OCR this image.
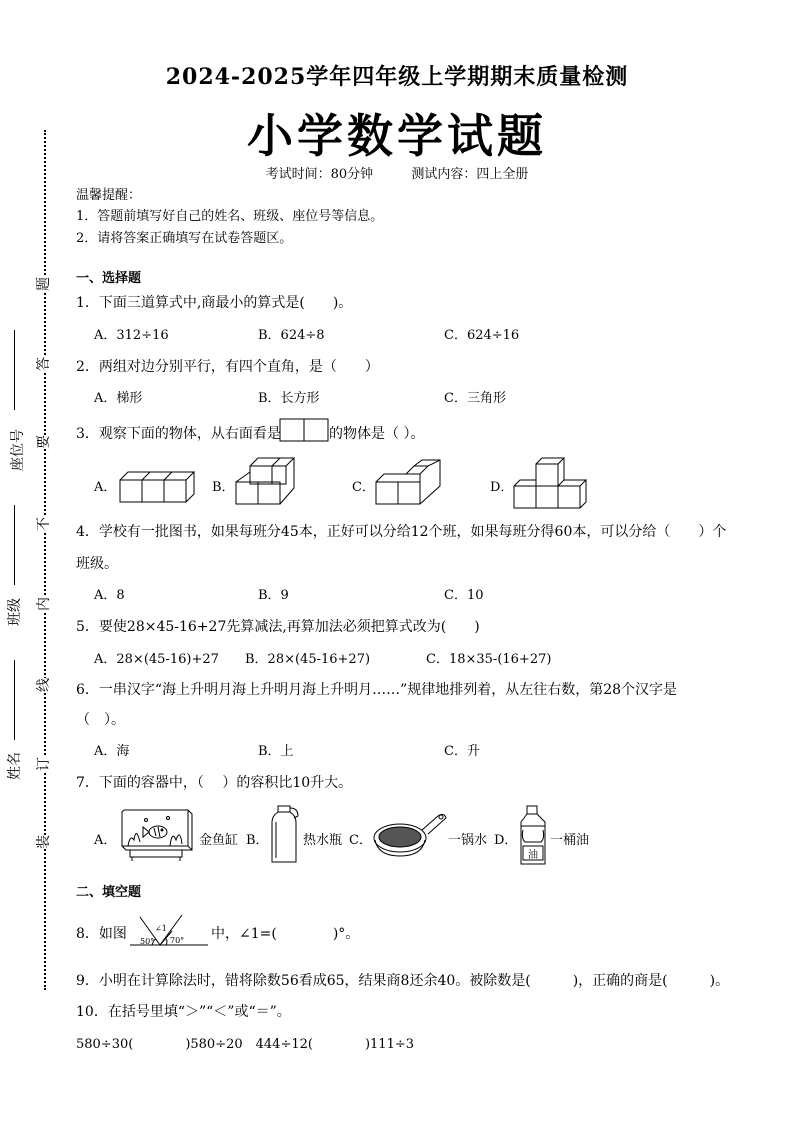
题
答
要
不
内
线
订
装
座位号
班级
姓名
2024-2025学年四年级上学期期末质量检测
小学数学试题
考试时间：80分钟	测试内容：四上全册
温馨提醒：
1．答题前填写好自己的姓名、班级、座位号等信息。
2．请将答案正确填写在试卷答题区。
一、选择题
1．下面三道算式中,商最小的算式是(　　)。
A．312÷16	B．624÷8	C．624÷16
2．两组对边分别平行，有四个直角，是（　　）
A．梯形	B．长方形	C．三角形
3．观察下面的物体，从右面看是	的物体是（ ）。
A．	B．	C．	D．
4．学校有一批图书，如果每班分45本，正好可以分给12个班，如果每班分得60本，可以分给（　　）个
班级。
A．8	B．9	C．10
5．要使28×45-16+27先算减法,再算加法必须把算式改为(　　)
A．28×(45-16)+27 B．28×(45-16+27)	C．18×35-(16+27)
6．一串汉字“海上升明月海上升明月海上升明月……”规律地排列着，从左往右数，第28个汉字是
（　）。
A．海	B．上	C．升
7．下面的容器中，（　 ）的容积比10升大。
A．	金鱼缸 B．	热水瓶 C．	一锅水 D．
油
一桶油
二、填空题
8．如图 50°
∠1
70° 中，∠1=(　　　　)°。
9．小明在计算除法时，错将除数56看成65，结果商8还余40。被除数是(　　　)，正确的商是(　　　)。
10．在括号里填“＞”“＜”或“＝”。
580÷30(　　　　)580÷20　444÷12(　　　　)111÷3
